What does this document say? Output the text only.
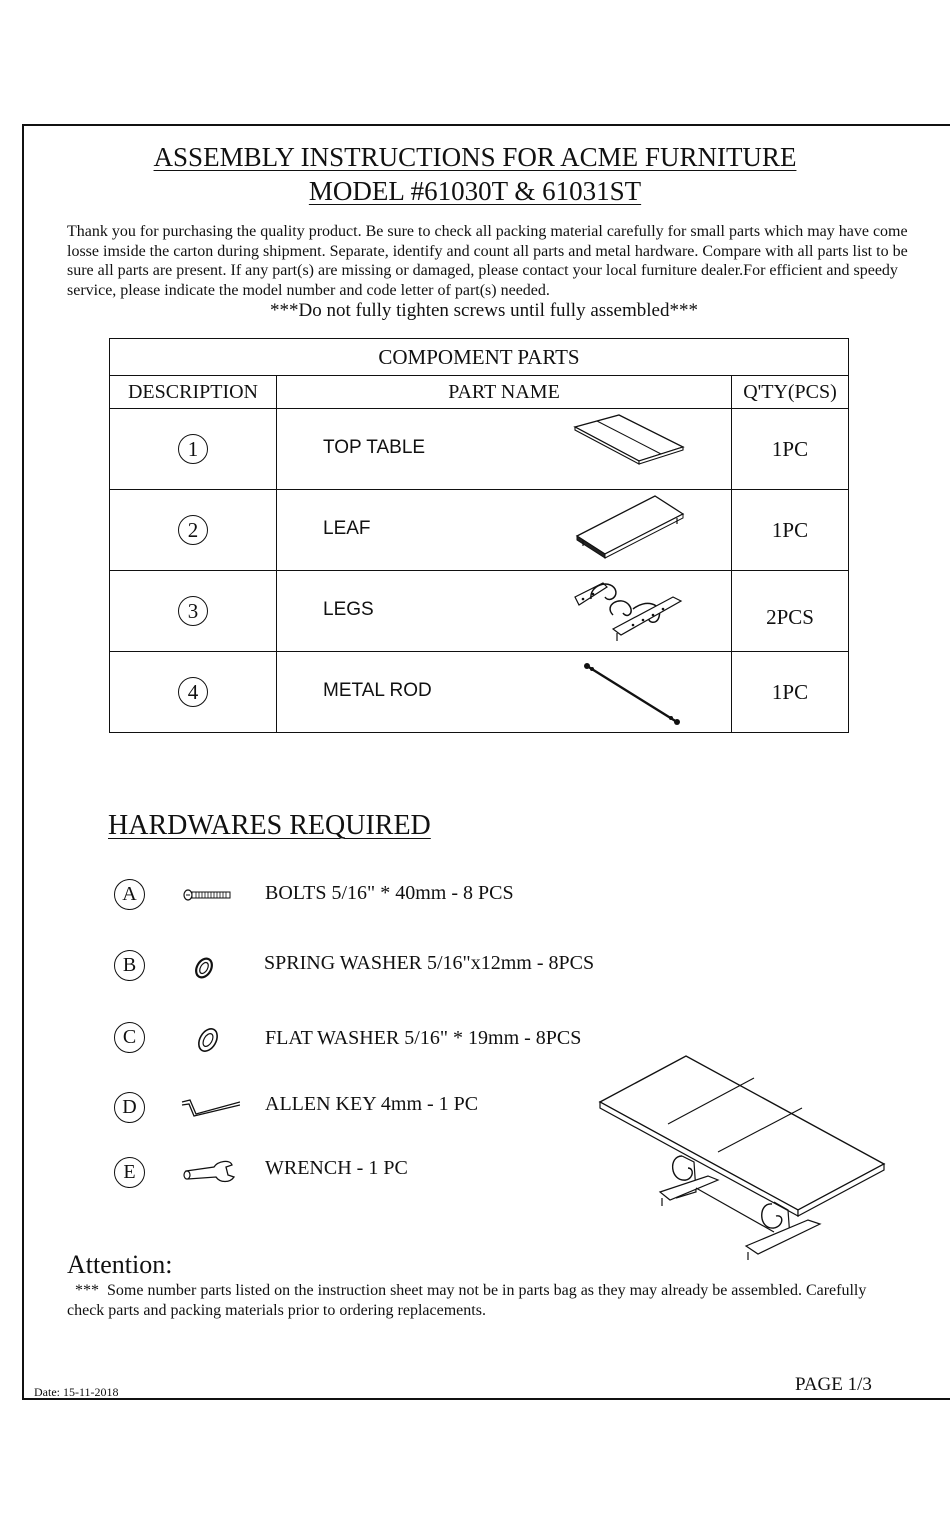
ASSEMBLY INSTRUCTIONS FOR ACME FURNITURE
MODEL #61030T & 61031ST
Thank you for purchasing the quality product. Be sure to check all packing material carefully for small parts which may have come losse imside the carton during shipment. Separate, identify and count all parts and metal hardware. Compare with all parts list to be sure all parts are present. If any part(s) are missing or damaged, please contact your local furniture dealer.For efficient and speedy service, please indicate the model number and code letter of part(s) needed.
***Do not fully tighten screws until fully assembled***
COMPOMENT PARTS		
DESCRIPTION	PART NAME	Q'TY(PCS)
1	TOP TABLE	1PC
2	LEAF	1PC
3	LEGS	2PCS
4	METAL ROD	1PC
HARDWARES REQUIRED
A	BOLTS 5/16" * 40mm - 8 PCS
B	SPRING WASHER 5/16"x12mm - 8PCS
C	FLAT WASHER 5/16" * 19mm - 8PCS
D	ALLEN KEY 4mm - 1 PC
E	WRENCH - 1 PC
Attention:
***  Some number parts listed on the instruction sheet may not be in parts bag as they may already be assembled. Carefully check parts and packing materials prior to ordering replacements.
Date: 15-11-2018	PAGE 1/3
